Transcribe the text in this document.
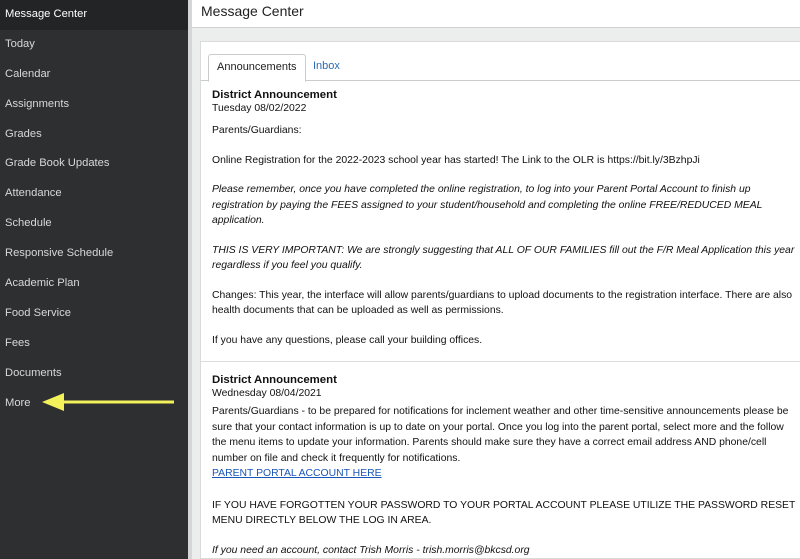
Message Center
Today
Calendar
Assignments
Grades
Grade Book Updates
Attendance
Schedule
Responsive Schedule
Academic Plan
Food Service
Fees
Documents
More
Message Center
Announcements	Inbox
District Announcement
Tuesday 08/02/2022
Parents/Guardians:
Online Registration for the 2022-2023 school year has started! The Link to the OLR is https://bit.ly/3BzhpJi
Please remember, once you have completed the online registration, to log into your Parent Portal Account to finish up registration by paying the FEES assigned to your student/household and completing the online FREE/REDUCED MEAL application.
THIS IS VERY IMPORTANT: We are strongly suggesting that ALL OF OUR FAMILIES fill out the F/R Meal Application this year regardless if you feel you qualify.
Changes: This year, the interface will allow parents/guardians to upload documents to the registration interface. There are also health documents that can be uploaded as well as permissions.
If you have any questions, please call your building offices.
District Announcement
Wednesday 08/04/2021
Parents/Guardians - to be prepared for notifications for inclement weather and other time-sensitive announcements please be sure that your contact information is up to date on your portal. Once you log into the parent portal, select more and the follow the menu items to update your information. Parents should make sure they have a correct email address AND phone/cell number on file and check it frequently for notifications.
PARENT PORTAL ACCOUNT HERE
IF YOU HAVE FORGOTTEN YOUR PASSWORD TO YOUR PORTAL ACCOUNT PLEASE UTILIZE THE PASSWORD RESET MENU DIRECTLY BELOW THE LOG IN AREA.
If you need an account, contact Trish Morris - trish.morris@bkcsd.org
